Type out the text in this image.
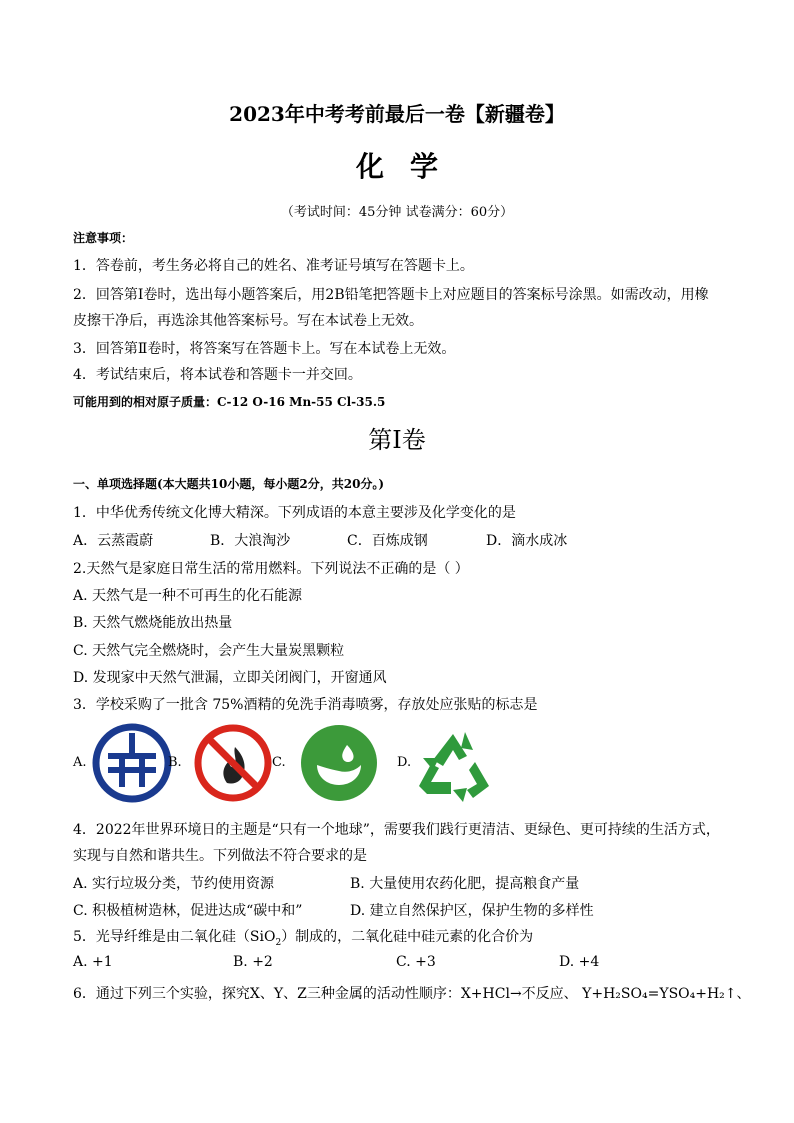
2023年中考考前最后一卷【新疆卷】
化学
（考试时间：45分钟 试卷满分：60分）
注意事项：
1．答卷前，考生务必将自己的姓名、准考证号填写在答题卡上。
2．回答第Ⅰ卷时，选出每小题答案后，用2B铅笔把答题卡上对应题目的答案标号涂黑。如需改动，用橡
皮擦干净后，再选涂其他答案标号。写在本试卷上无效。
3．回答第Ⅱ卷时，将答案写在答题卡上。写在本试卷上无效。
4．考试结束后，将本试卷和答题卡一并交回。
可能用到的相对原子质量：C-12 O-16 Mn-55 Cl-35.5
第Ⅰ卷
一、单项选择题(本大题共10小题，每小题2分，共20分。)
1．中华优秀传统文化博大精深。下列成语的本意主要涉及化学变化的是
A．云蒸霞蔚	B．大浪淘沙	C．百炼成钢	D．滴水成冰
2.天然气是家庭日常生活的常用燃料。下列说法不正确的是（ ）
A. 天然气是一种不可再生的化石能源
B. 天然气燃烧能放出热量
C. 天然气完全燃烧时，会产生大量炭黑颗粒
D. 发现家中天然气泄漏，立即关闭阀门，开窗通风
3．学校采购了一批含 75%酒精的免洗手消毒喷雾，存放处应张贴的标志是
A.	B.	C.	D.
4．2022年世界环境日的主题是“只有一个地球”，需要我们践行更清洁、更绿色、更可持续的生活方式，
实现与自然和谐共生。下列做法不符合要求的是
A. 实行垃圾分类，节约使用资源	B. 大量使用农药化肥，提高粮食产量
C. 积极植树造林，促进达成“碳中和”	D. 建立自然保护区，保护生物的多样性
5．光导纤维是由二氧化硅（SiO$_2$）制成的，二氧化硅中硅元素的化合价为
A. +1	B. +2	C. +3	D. +4
6．通过下列三个实验，探究X、Y、Z三种金属的活动性顺序：X+HCl→不反应、 Y+H₂SO₄=YSO₄+H₂↑、
